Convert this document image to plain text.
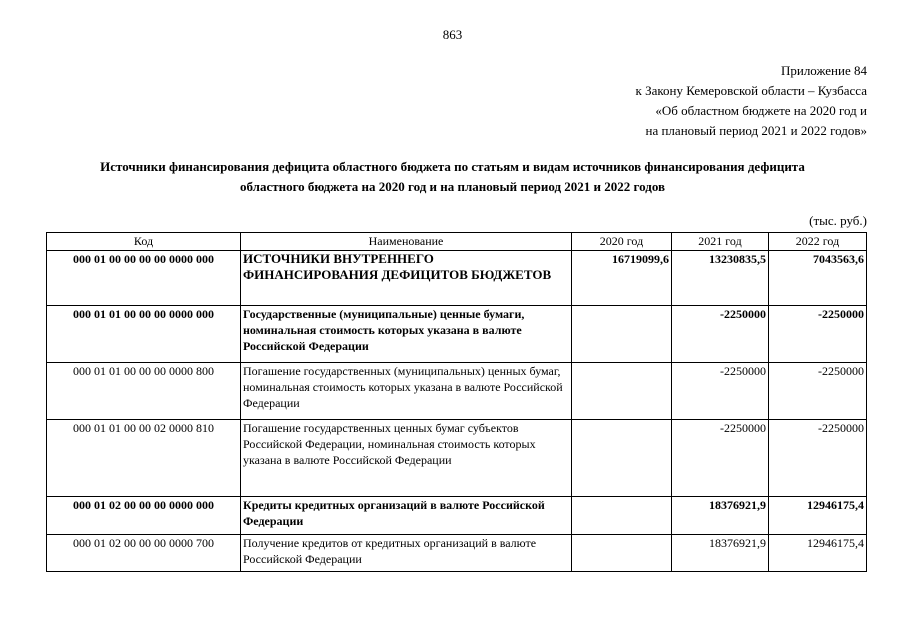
863
Приложение 84
к Закону Кемеровской области – Кузбасса
«Об областном бюджете на 2020 год и
на плановый период 2021 и 2022 годов»
Источники финансирования дефицита областного бюджета по статьям и видам источников финансирования дефицита
областного бюджета на 2020 год и на плановый период 2021 и 2022 годов
(тыс. руб.)
Код	Наименование	2020 год	2021 год	2022 год
000 01 00 00 00 00 0000 000	ИСТОЧНИКИ ВНУТРЕННЕГО ФИНАНСИРОВАНИЯ ДЕФИЦИТОВ БЮДЖЕТОВ	16719099,6	13230835,5	7043563,6
000 01 01 00 00 00 0000 000	Государственные (муниципальные) ценные бумаги, номинальная стоимость которых указана в валюте Российской Федерации		-2250000	-2250000
000 01 01 00 00 00 0000 800	Погашение государственных (муниципальных) ценных бумаг, номинальная стоимость которых указана в валюте Российской Федерации		-2250000	-2250000
000 01 01 00 00 02 0000 810	Погашение государственных ценных бумаг субъектов Российской Федерации, номинальная стоимость которых указана в валюте Российской Федерации		-2250000	-2250000
000 01 02 00 00 00 0000 000	Кредиты кредитных организаций в валюте Российской Федерации		18376921,9	12946175,4
000 01 02 00 00 00 0000 700	Получение кредитов от кредитных организаций в валюте Российской Федерации		18376921,9	12946175,4
